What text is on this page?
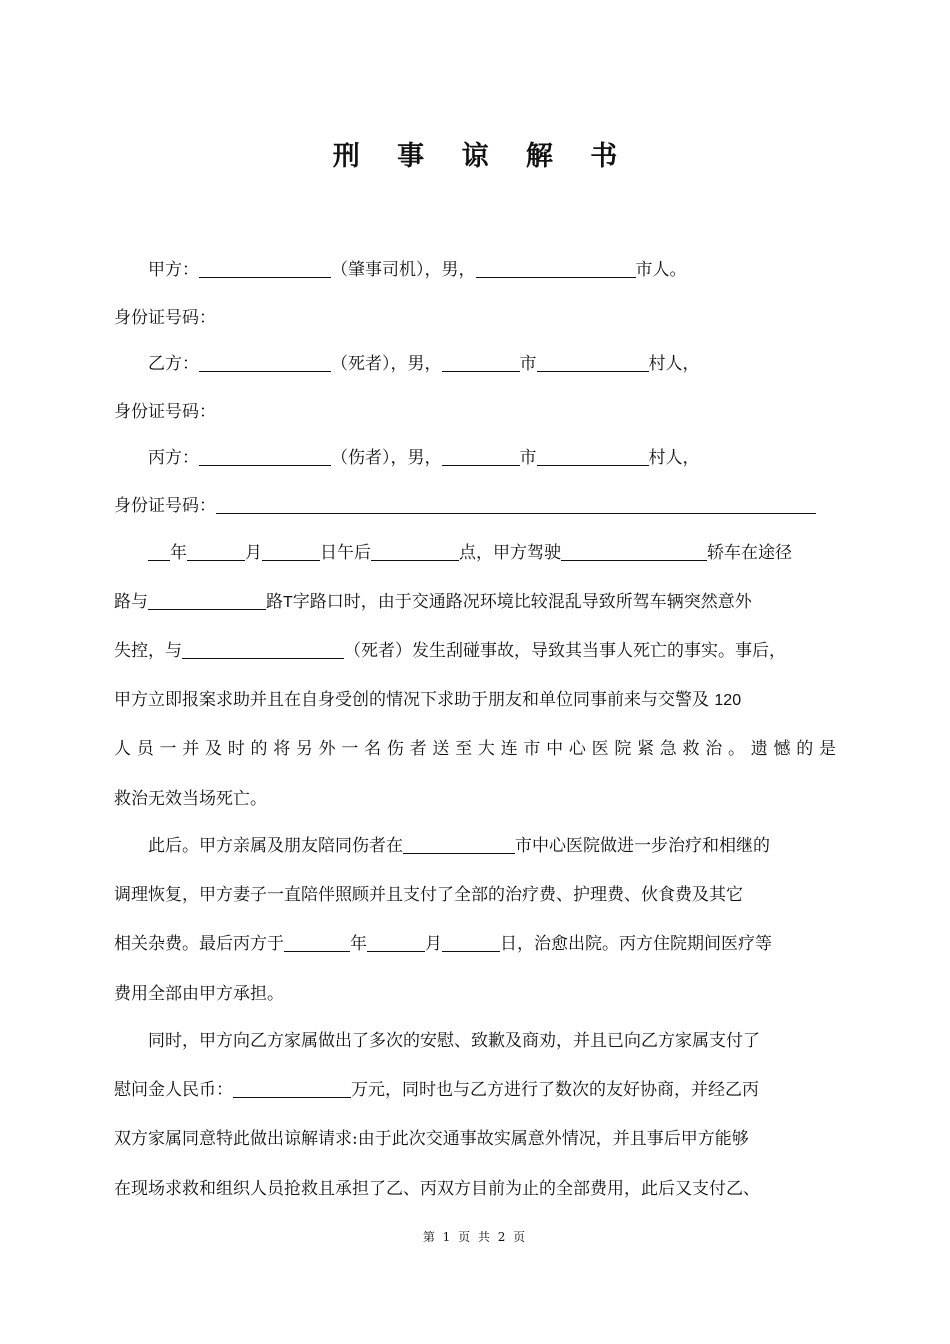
刑 事 谅 解 书
甲方：	（肇事司机），男，	市人。
身份证号码：
乙方：	（死者），男，	市	村人，
身份证号码：
丙方：	（伤者），男，	市	村人，
身份证号码：
年	月	日午后	点，甲方驾驶	轿车在途径
路与	路T字路口时，由于交通路况环境比较混乱导致所驾车辆突然意外
失控，与	（死者）发生刮碰事故，导致其当事人死亡的事实。事后，
甲方立即报案求助并且在自身受创的情况下求助于朋友和单位同事前来与交警及 120
人员一并及时的将另外一名伤者送至大连市中心医院紧急救治。遗憾的是
救治无效当场死亡。
此后。甲方亲属及朋友陪同伤者在	市中心医院做进一步治疗和相继的
调理恢复，甲方妻子一直陪伴照顾并且支付了全部的治疗费、护理费、伙食费及其它
相关杂费。最后丙方于	年	月	日，治愈出院。丙方住院期间医疗等
费用全部由甲方承担。
同时，甲方向乙方家属做出了多次的安慰、致歉及商劝，并且已向乙方家属支付了
慰问金人民币：	万元，同时也与乙方进行了数次的友好协商，并经乙丙
双方家属同意特此做出谅解请求:由于此次交通事故实属意外情况，并且事后甲方能够
在现场求救和组织人员抢救且承担了乙、丙双方目前为止的全部费用，此后又支付乙、
第 1 页 共 2 页
